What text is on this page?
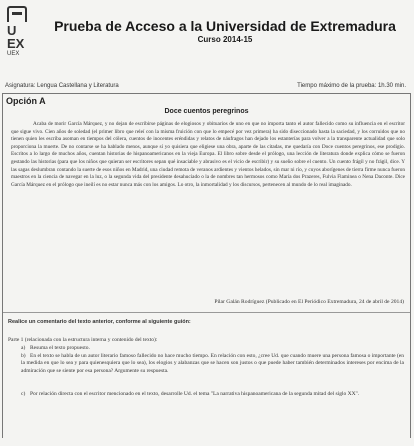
U
EX
UEX
Prueba de Acceso a la Universidad de Extremadura
Curso 2014-15
Asignatura: Lengua Castellana y Literatura	Tiempo máximo de la prueba: 1h.30 min.
Opción A
Doce cuentos peregrinos

Acaba de morir García Márquez, y no dejan de escribirse páginas de elogiosos y obituarios de uno en que no importa tanto el autor fallecido como su influencia en el escritor que sigue vivo. Cien años de soledad (el primer libro que releí con la misma fruición con que lo empecé por vez primera) ha sido diseccionado hasta la saciedad, y los corruidos que no tienen quien les escriba asoman en tiempos del cólera, cuentos de inocentes eréndidas y relatos de náufragos han dejado los estanterías para volver a la transparente actualidad que solo proporciona la muerte. De no contarse se ha hablado menos, aunque sí yo quisiera que eligiese una obra, aparte de las citadas, me quedaría con Doce cuentos peregrinos, ese prodigio. Escritos a lo largo de muchos años, cuentan historias de hispanoamericanos en la vieja Europa. El libro sobre desde el prólogo, una lección de literatura donde explica cómo se fueron gestando las historias (para que los niños que quieran ser escritores sepan qué insaciable y abrasivo es el vicio de escribir) y su sueño sobre el cuento. Un cuento frágil y no frágil, dice. Y las sagas deslumbran contando la suerte de esos niños en Madrid, una ciudad remota de veranos ardientes y vientos helados, sin mar ni río, y cuyos aborígenes de tierra firme nunca fueron maestros en la ciencia de navegar en la luz, o la segunda vida del presidente desahuciado o la de nombres tan hermosos como María dos Prazeres, Fulvia Flaminea o Nena Daconte. Dice García Márquez en el prólogo que ineilí es no estar nunca más con los amigos. Lo otro, la inmortalidad y los discursos, pertenecen al mundo de lo real imaginado.

Pilar Galán Rodríguez (Publicado en El Periódico Extremadura, 24 de abril de 2014)
Realice un comentario del texto anterior, conforme al siguiente guión:
Parte 1 (relacionada con la estructura interna y contenido del texto):
a) Resuma el texto propuesto.
b) En el texto se habla de un autor literario famoso fallecido no hace mucho tiempo. En relación con esto, ¿cree Ud. que cuando muere una persona famosa o importante (en la medida en que lo sea y para quienesquiera que lo sea), los elogios y alabanzas que se hacen son justos o que puede haber también determinados intereses por encima de la admiración que se siente por esa persona? Argumente su respuesta.
c) Por relación directa con el escritor mencionado en el texto, desarrolle Ud. el tema "La narrativa hispanoamericana de la segunda mitad del siglo XX".
